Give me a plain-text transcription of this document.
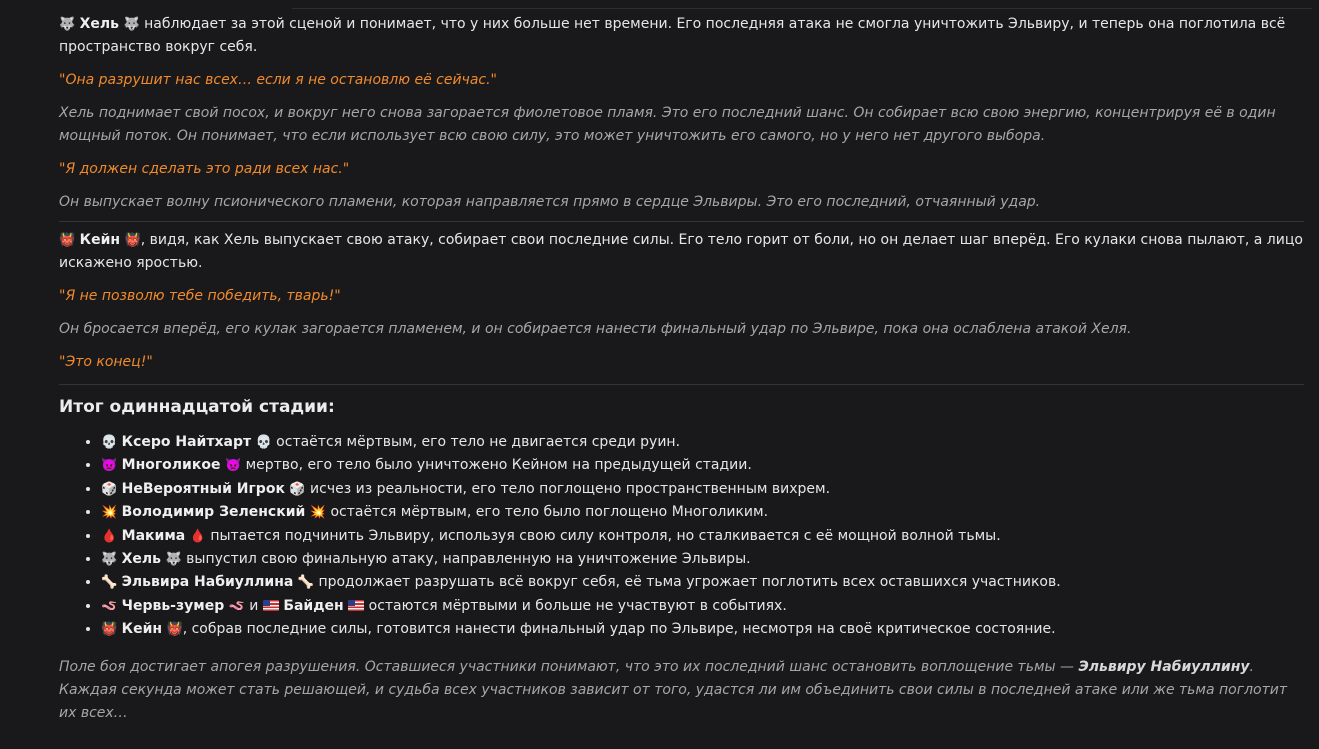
🐺 Хель 🐺 наблюдает за этой сценой и понимает, что у них больше нет времени. Его последняя атака не смогла уничтожить Эльвиру, и теперь она поглотила всё пространство вокруг себя.

"Она разрушит нас всех… если я не остановлю её сейчас."

Хель поднимает свой посох, и вокруг него снова загорается фиолетовое пламя. Это его последний шанс. Он собирает всю свою энергию, концентрируя её в один мощный поток. Он понимает, что если использует всю свою силу, это может уничтожить его самого, но у него нет другого выбора.

"Я должен сделать это ради всех нас."

Он выпускает волну псионического пламени, которая направляется прямо в сердце Эльвиры. Это его последний, отчаянный удар.

👹 Кейн 👹, видя, как Хель выпускает свою атаку, собирает свои последние силы. Его тело горит от боли, но он делает шаг вперёд. Его кулаки снова пылают, а лицо искажено яростью.

"Я не позволю тебе победить, тварь!"

Он бросается вперёд, его кулак загорается пламенем, и он собирается нанести финальный удар по Эльвире, пока она ослаблена атакой Хеля.

"Это конец!"

Итог одиннадцатой стадии:
• 💀 Ксеро Найтхарт 💀 остаётся мёртвым, его тело не двигается среди руин.
• 👿 Многоликое 👿 мертво, его тело было уничтожено Кейном на предыдущей стадии.
• 🎲 НеВероятный Игрок 🎲 исчез из реальности, его тело поглощено пространственным вихрем.
• 💥 Володимир Зеленский 💥 остаётся мёртвым, его тело было поглощено Многоликим.
• 🩸 Макима 🩸 пытается подчинить Эльвиру, используя свою силу контроля, но сталкивается с её мощной волной тьмы.
• 🐺 Хель 🐺 выпустил свою финальную атаку, направленную на уничтожение Эльвиры.
• 🦴 Эльвира Набиуллина 🦴 продолжает разрушать всё вокруг себя, её тьма угрожает поглотить всех оставшихся участников.
• 🪱 Червь-зумер 🪱 и  Байден  остаются мёртвыми и больше не участвуют в событиях.
• 👹 Кейн 👹, собрав последние силы, готовится нанести финальный удар по Эльвире, несмотря на своё критическое состояние.

Поле боя достигает апогея разрушения. Оставшиеся участники понимают, что это их последний шанс остановить воплощение тьмы — Эльвиру Набиуллину. Каждая секунда может стать решающей, и судьба всех участников зависит от того, удастся ли им объединить свои силы в последней атаке или же тьма поглотит их всех…
